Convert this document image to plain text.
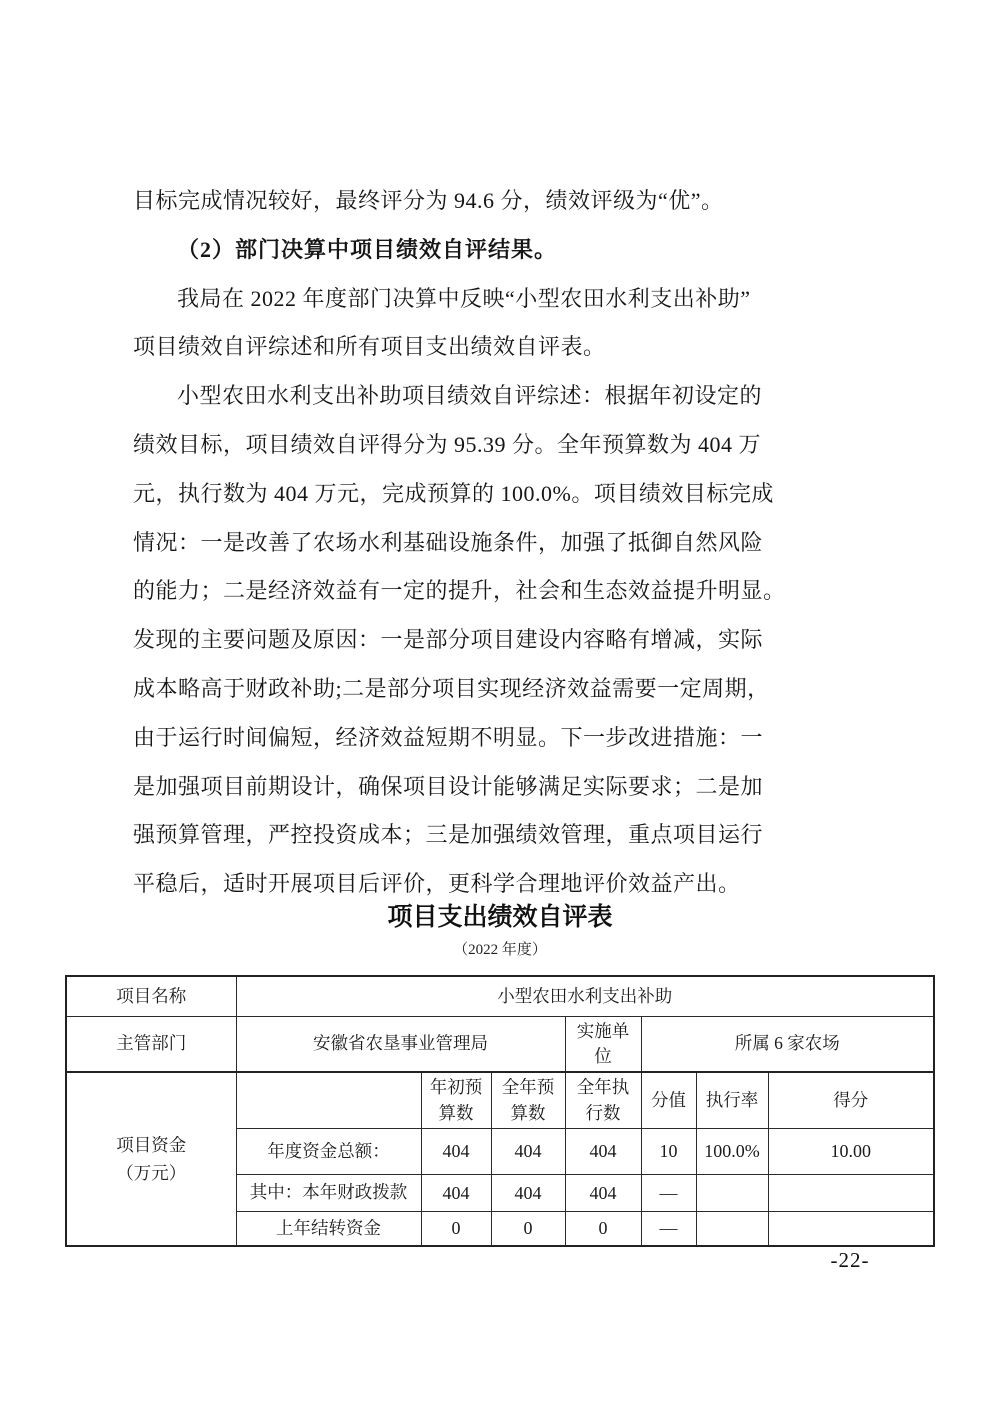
目标完成情况较好，最终评分为 94.6 分，绩效评级为“优”。
（2）部门决算中项目绩效自评结果。
我局在 2022 年度部门决算中反映“小型农田水利支出补助”
项目绩效自评综述和所有项目支出绩效自评表。
小型农田水利支出补助项目绩效自评综述：根据年初设定的
绩效目标，项目绩效自评得分为 95.39 分。全年预算数为 404 万
元，执行数为 404 万元，完成预算的 100.0%。项目绩效目标完成
情况：一是改善了农场水利基础设施条件，加强了抵御自然风险
的能力；二是经济效益有一定的提升，社会和生态效益提升明显。
发现的主要问题及原因：一是部分项目建设内容略有增减，实际
成本略高于财政补助;二是部分项目实现经济效益需要一定周期，
由于运行时间偏短，经济效益短期不明显。下一步改进措施：一
是加强项目前期设计，确保项目设计能够满足实际要求；二是加
强预算管理，严控投资成本；三是加强绩效管理，重点项目运行
平稳后，适时开展项目后评价，更科学合理地评价效益产出。
项目支出绩效自评表
（2022 年度）
项目名称	小型农田水利支出补助						
主管部门	安徽省农垦事业管理局			实施单位	所属 6 家农场		

项目资金
（万元）		年初预算数	全年预算数	全年执行数	分值	执行率	得分
	年度资金总额：	404	404	404	10	100.0%	10.00
	其中：本年财政拨款	404	404	404	—		
	上年结转资金	0	0	0	—		
-22-
